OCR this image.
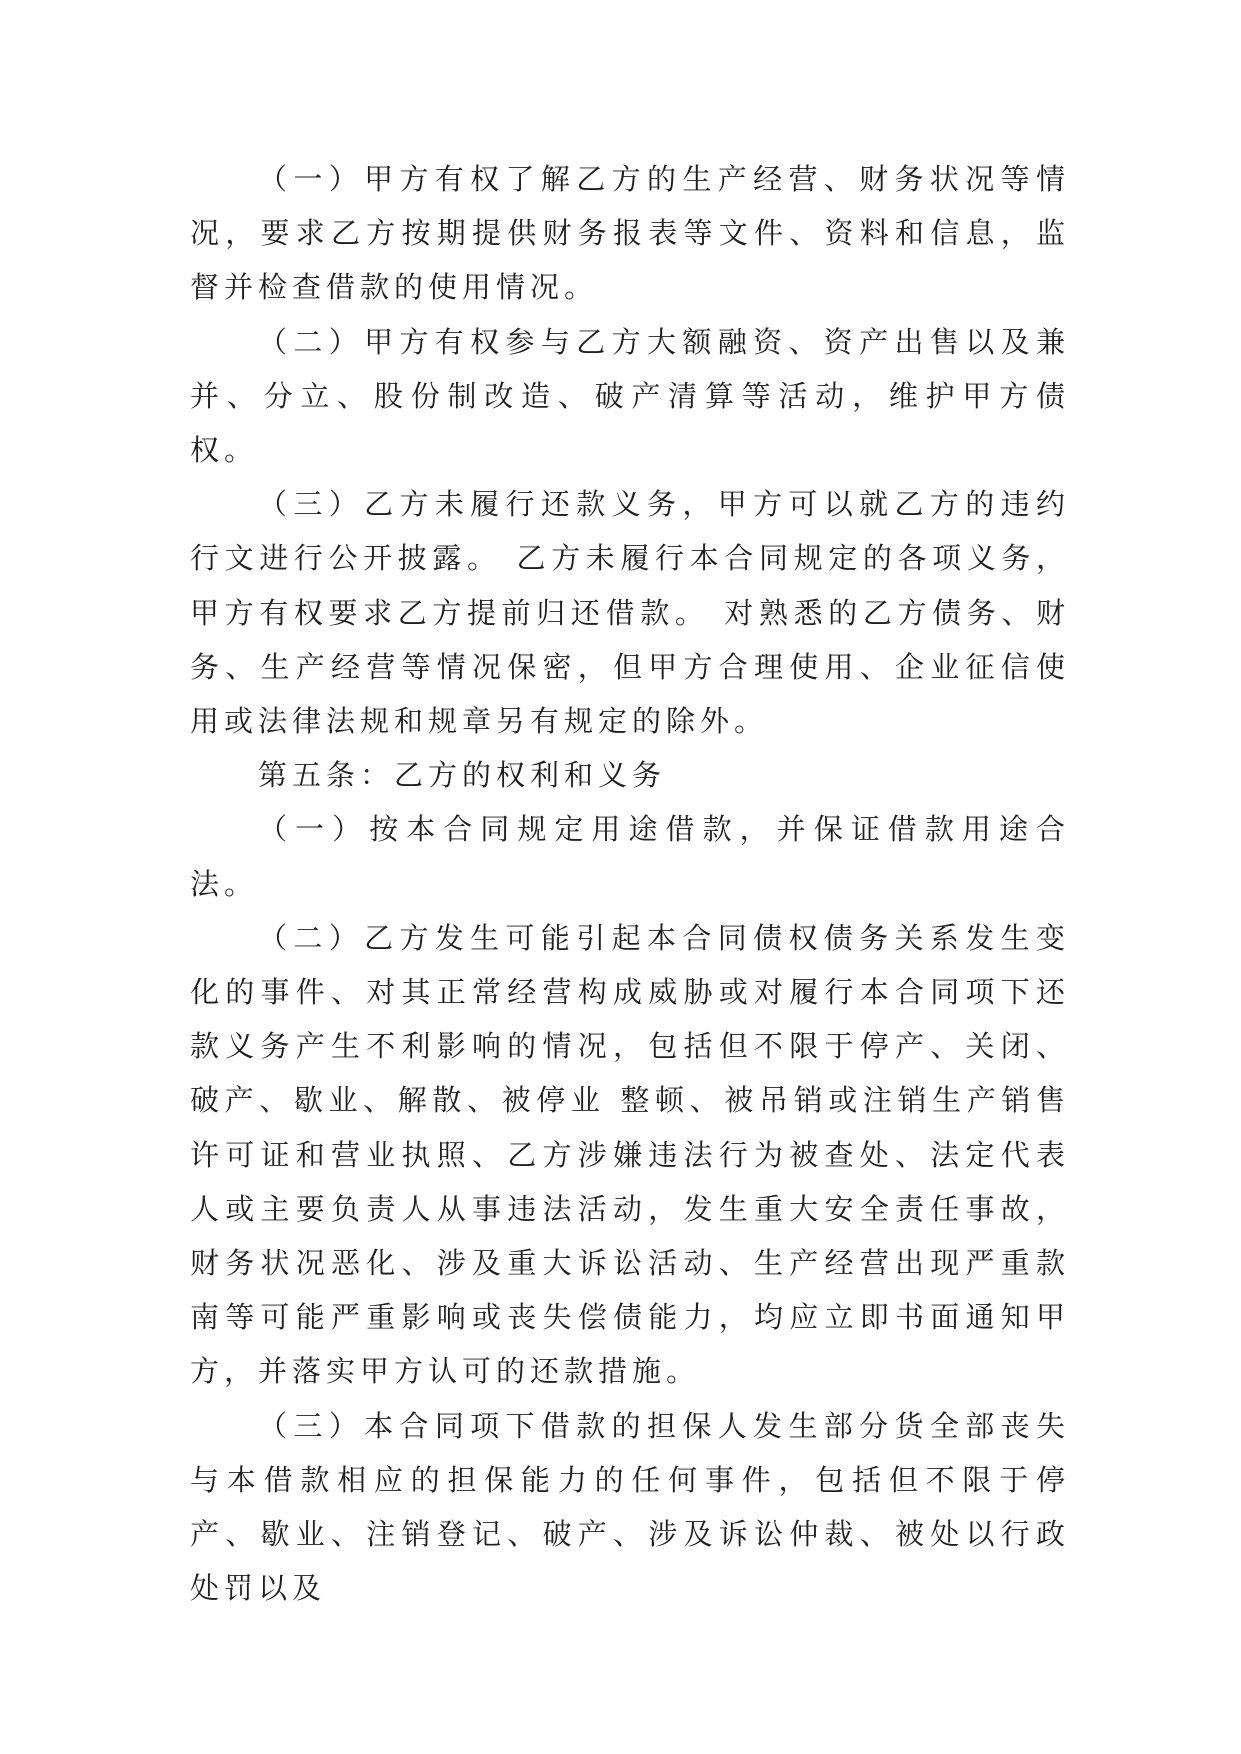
（一）甲方有权了解乙方的生产经营、财务状况等情况，要求乙方按期提供财务报表等文件、资料和信息，监督并检查借款的使用情况。

（二）甲方有权参与乙方大额融资、资产出售以及兼并、分立、股份制改造、破产清算等活动，维护甲方债权。

（三）乙方未履行还款义务，甲方可以就乙方的违约行文进行公开披露。 乙方未履行本合同规定的各项义务，甲方有权要求乙方提前归还借款。 对熟悉的乙方债务、财务、生产经营等情况保密，但甲方合理使用、企业征信使用或法律法规和规章另有规定的除外。

第五条：乙方的权利和义务

（一）按本合同规定用途借款，并保证借款用途合法。

（二）乙方发生可能引起本合同债权债务关系发生变化的事件、对其正常经营构成威胁或对履行本合同项下还款义务产生不利影响的情况，包括但不限于停产、关闭、破产、歇业、解散、被停业 整顿、被吊销或注销生产销售许可证和营业执照、乙方涉嫌违法行为被查处、法定代表人或主要负责人从事违法活动，发生重大安全责任事故，财务状况恶化、涉及重大诉讼活动、生产经营出现严重款南等可能严重影响或丧失偿债能力，均应立即书面通知甲方，并落实甲方认可的还款措施。

（三）本合同项下借款的担保人发生部分货全部丧失与本借款相应的担保能力的任何事件，包括但不限于停产、歇业、注销登记、破产、涉及诉讼仲裁、被处以行政处罚以及
